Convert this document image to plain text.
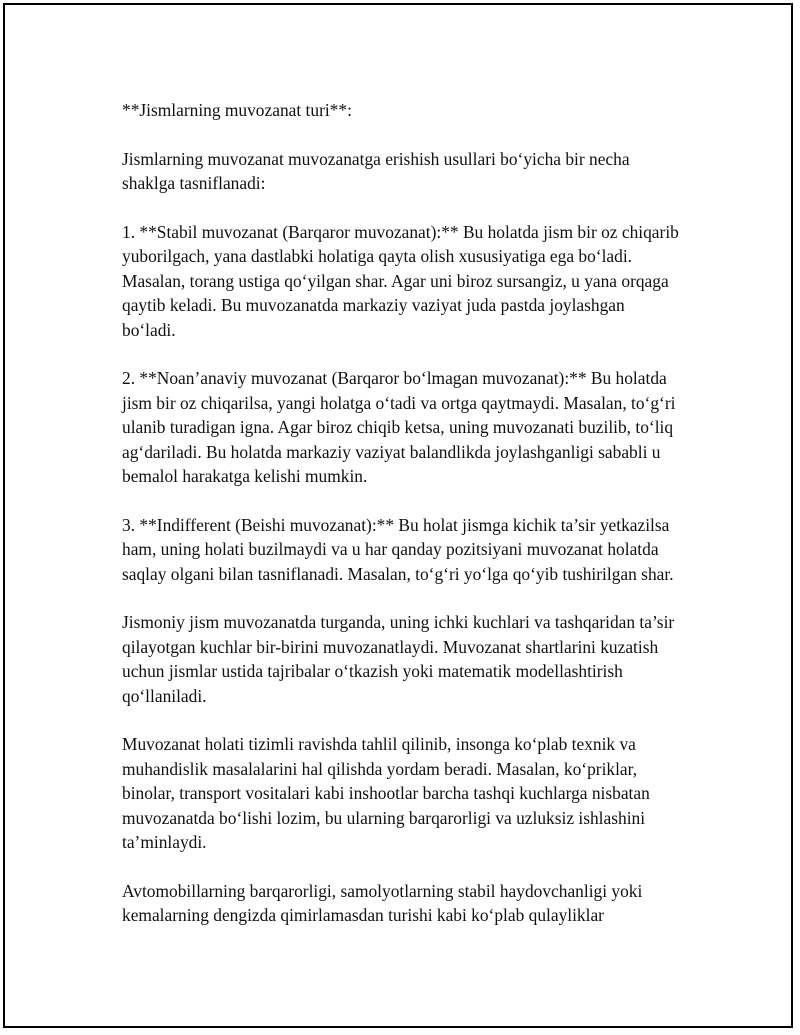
**Jismlarning muvozanat turi**:

Jismlarning muvozanat muvozanatga erishish usullari bo‘yicha bir necha shaklga tasniflanadi:

1. **Stabil muvozanat (Barqaror muvozanat):** Bu holatda jism bir oz chiqarib yuborilgach, yana dastlabki holatiga qayta olish xususiyatiga ega bo‘ladi. Masalan, torang ustiga qo‘yilgan shar. Agar uni biroz sursangiz, u yana orqaga qaytib keladi. Bu muvozanatda markaziy vaziyat juda pastda joylashgan bo‘ladi.

2. **Noan’anaviy muvozanat (Barqaror bo‘lmagan muvozanat):** Bu holatda jism bir oz chiqarilsa, yangi holatga o‘tadi va ortga qaytmaydi. Masalan, to‘g‘ri ulanib turadigan igna. Agar biroz chiqib ketsa, uning muvozanati buzilib, to‘liq ag‘dariladi. Bu holatda markaziy vaziyat balandlikda joylashganligi sababli u bemalol harakatga kelishi mumkin.

3. **Indifferent (Beishi muvozanat):** Bu holat jismga kichik ta’sir yetkazilsa ham, uning holati buzilmaydi va u har qanday pozitsiyani muvozanat holatda saqlay olgani bilan tasniflanadi. Masalan, to‘g‘ri yo‘lga qo‘yib tushirilgan shar.

Jismoniy jism muvozanatda turganda, uning ichki kuchlari va tashqaridan ta’sir qilayotgan kuchlar bir-birini muvozanatlaydi. Muvozanat shartlarini kuzatish uchun jismlar ustida tajribalar o‘tkazish yoki matematik modellashtirish qo‘llaniladi.

Muvozanat holati tizimli ravishda tahlil qilinib, insonga ko‘plab texnik va muhandislik masalalarini hal qilishda yordam beradi. Masalan, ko‘priklar, binolar, transport vositalari kabi inshootlar barcha tashqi kuchlarga nisbatan muvozanatda bo‘lishi lozim, bu ularning barqarorligi va uzluksiz ishlashini ta’minlaydi.

Avtomobillarning barqarorligi, samolyotlarning stabil haydovchanligi yoki kemalarning dengizda qimirlamasdan turishi kabi ko‘plab qulayliklar
